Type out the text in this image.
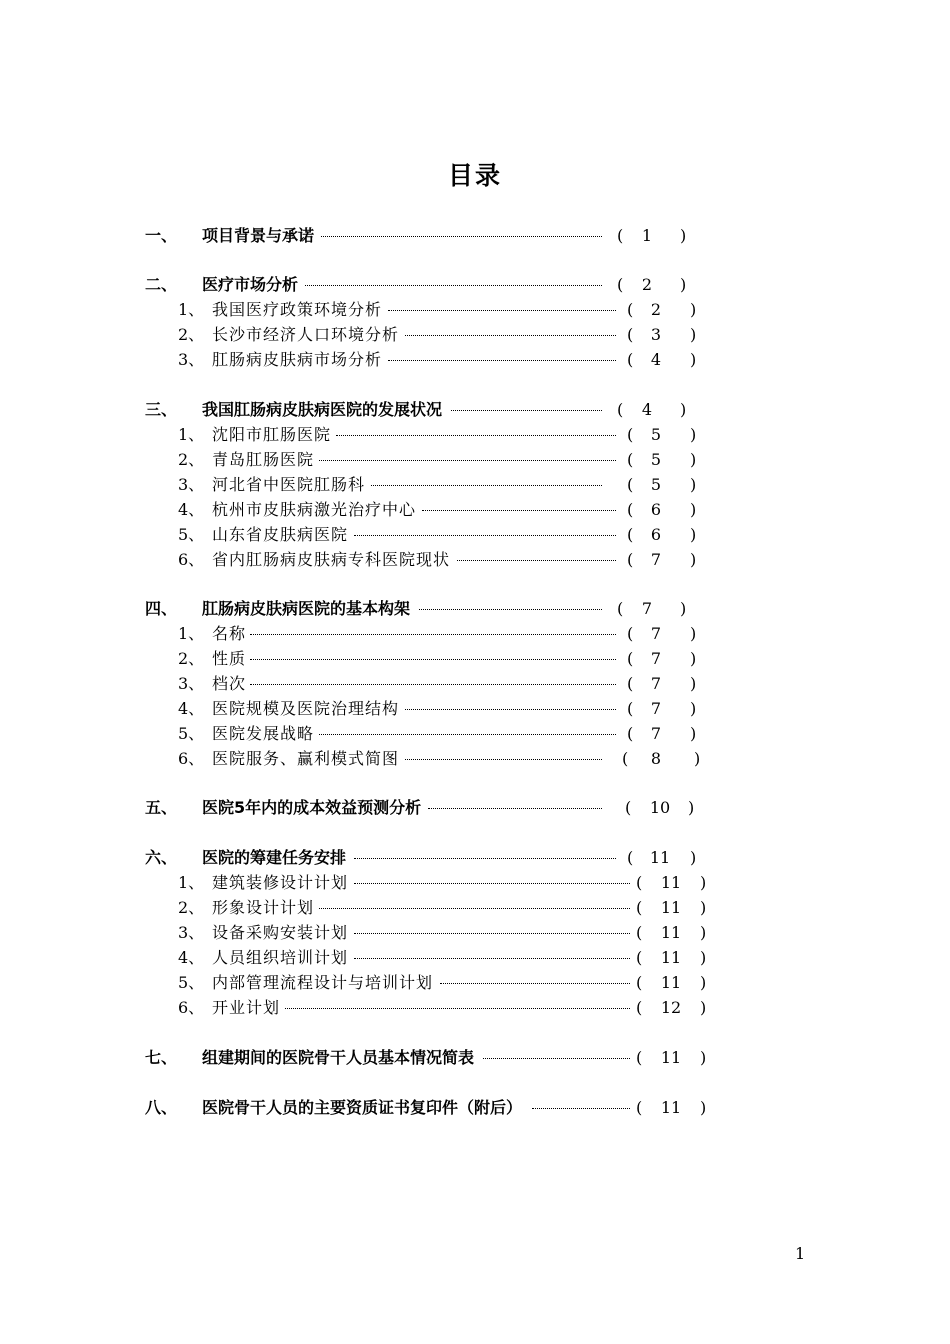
目录
一、 项目背景与承诺	(	1	)
二、 医疗市场分析	(	2	)
1、 我国医疗政策环境分析	(	2	)
2、 长沙市经济人口环境分析	(	3	)
3、 肛肠病皮肤病市场分析	(	4	)
三、 我国肛肠病皮肤病医院的发展状况	(	4	)
1、 沈阳市肛肠医院	(	5	)
2、 青岛肛肠医院	(	5	)
3、 河北省中医院肛肠科	(	5	)
4、 杭州市皮肤病激光治疗中心	(	6	)
5、 山东省皮肤病医院	(	6	)
6、 省内肛肠病皮肤病专科医院现状	(	7	)
四、 肛肠病皮肤病医院的基本构架	(	7	)
1、 名称	(	7	)
2、 性质	(	7	)
3、 档次	(	7	)
4、 医院规模及医院治理结构	(	7	)
5、 医院发展战略	(	7	)
6、 医院服务、赢利模式简图	(	8	)
五、 医院5年内的成本效益预测分析	(	10	)
六、 医院的筹建任务安排	(	11	)
1、 建筑装修设计计划	(	11	)
2、 形象设计计划	(	11	)
3、 设备采购安装计划	(	11	)
4、 人员组织培训计划	(	11	)
5、 内部管理流程设计与培训计划	(	11	)
6、 开业计划	(	12	)
七、 组建期间的医院骨干人员基本情况简表	(	11	)
八、 医院骨干人员的主要资质证书复印件（附后）	(	11	)
1
